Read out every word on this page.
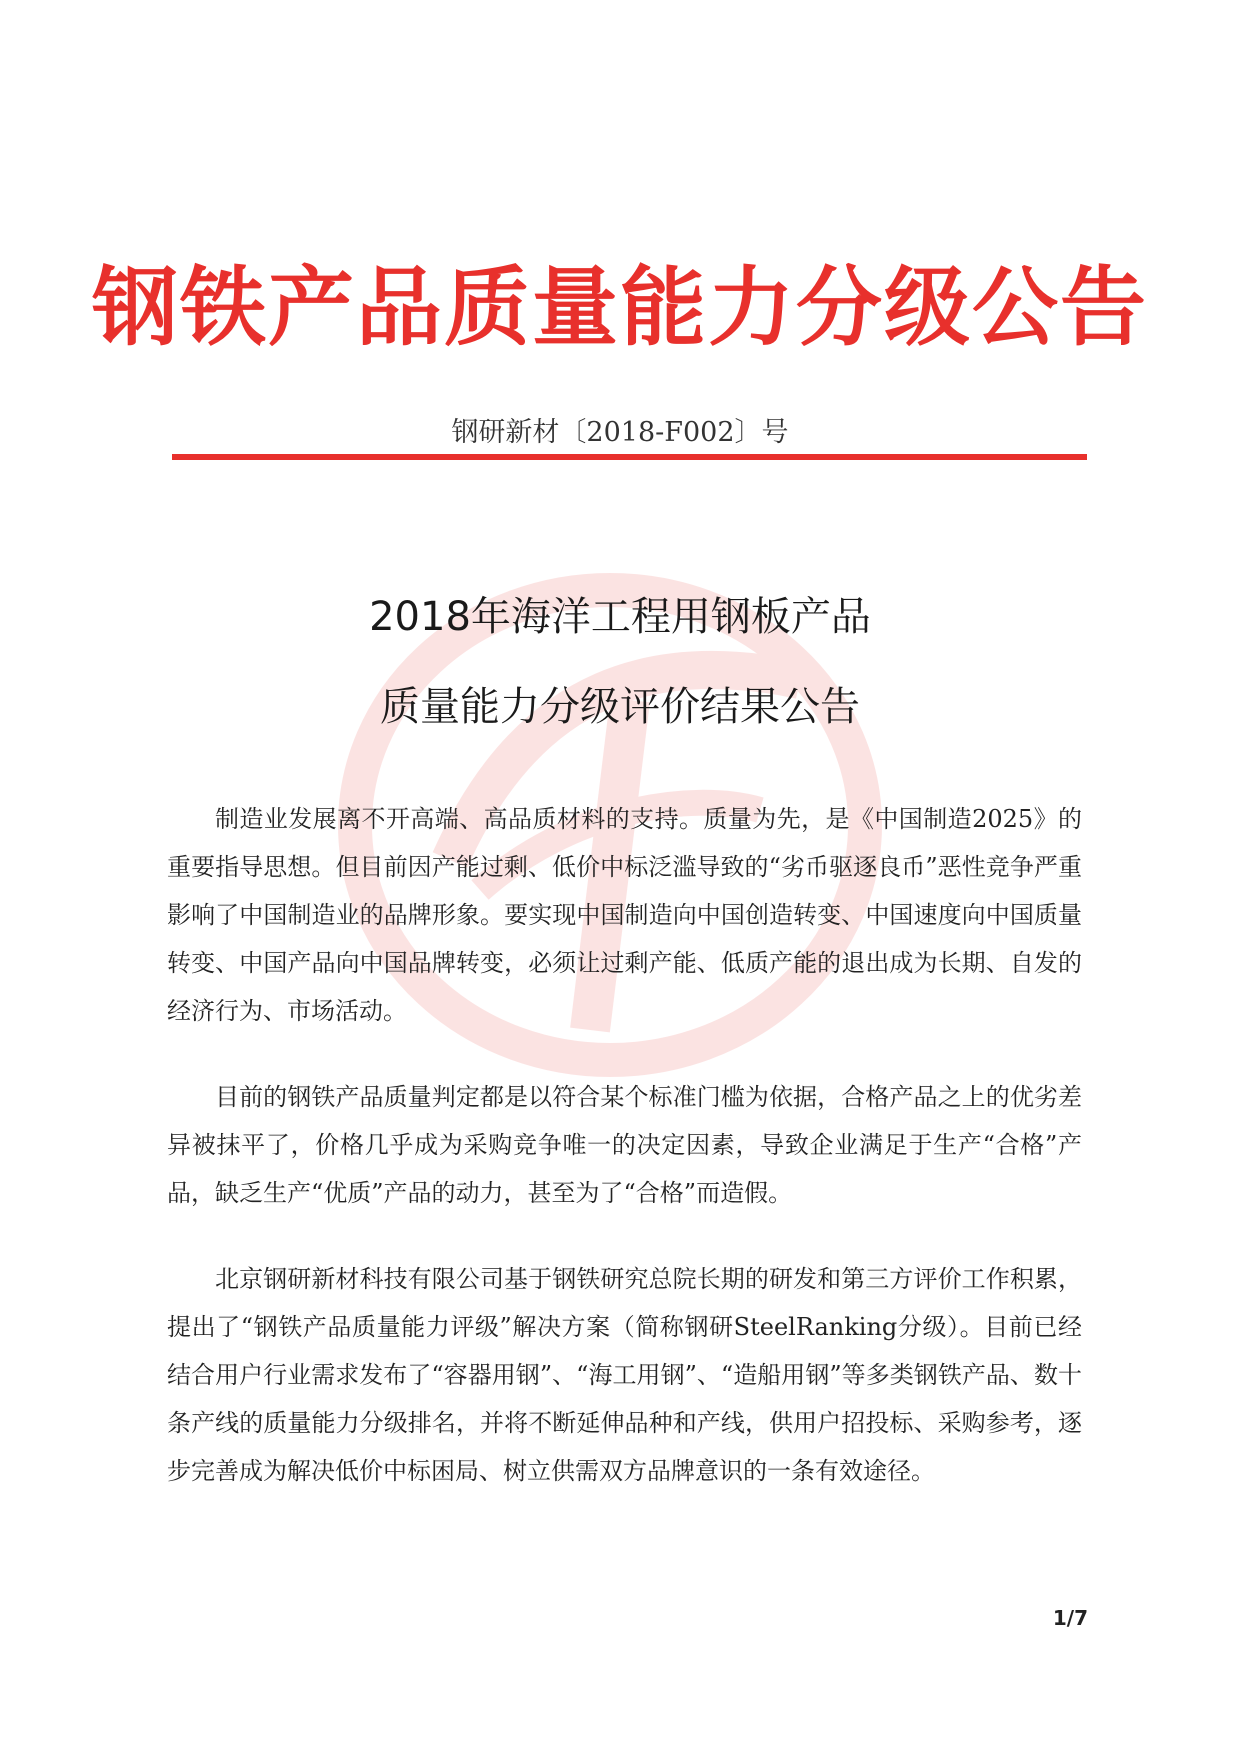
钢铁产品质量能力分级公告
钢研新材〔2018-F002〕号
2018年海洋工程用钢板产品
质量能力分级评价结果公告

制造业发展离不开高端、高品质材料的支持。质量为先，是《中国制造2025》的重要指导思想。但目前因产能过剩、低价中标泛滥导致的“劣币驱逐良币”恶性竞争严重影响了中国制造业的品牌形象。要实现中国制造向中国创造转变、中国速度向中国质量转变、中国产品向中国品牌转变，必须让过剩产能、低质产能的退出成为长期、自发的经济行为、市场活动。

目前的钢铁产品质量判定都是以符合某个标准门槛为依据，合格产品之上的优劣差异被抹平了，价格几乎成为采购竞争唯一的决定因素，导致企业满足于生产“合格”产品，缺乏生产“优质”产品的动力，甚至为了“合格”而造假。

北京钢研新材科技有限公司基于钢铁研究总院长期的研发和第三方评价工作积累，提出了“钢铁产品质量能力评级”解决方案（简称钢研SteelRanking分级）。目前已经结合用户行业需求发布了“容器用钢”、“海工用钢”、“造船用钢”等多类钢铁产品、数十条产线的质量能力分级排名，并将不断延伸品种和产线，供用户招投标、采购参考，逐步完善成为解决低价中标困局、树立供需双方品牌意识的一条有效途径。

1/7
